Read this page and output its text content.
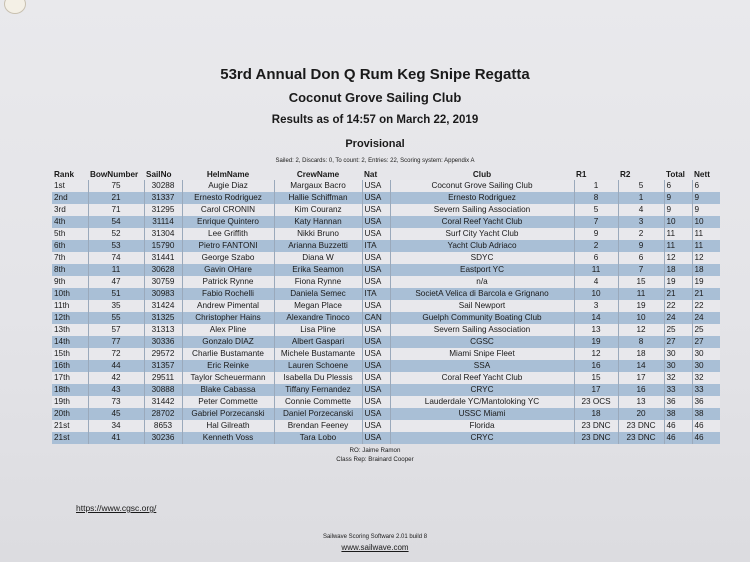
53rd Annual Don Q Rum Keg Snipe Regatta
Coconut Grove Sailing Club
Results as of 14:57 on March 22, 2019
Provisional
Sailed: 2, Discards: 0, To count: 2, Entries: 22, Scoring system: Appendix A
Rank	BowNumber	SailNo	HelmName	CrewName	Nat	Club	R1	R2	Total	Nett
1st	75	30288	Augie Diaz	Margaux Bacro	USA	Coconut Grove Sailing Club	1	5	6	6
2nd	21	31337	Ernesto Rodriguez	Hallie Schiffman	USA	Ernesto Rodriguez	8	1	9	9
3rd	71	31295	Carol CRONIN	Kim Couranz	USA	Severn Sailing Association	5	4	9	9
4th	54	31114	Enrique Quintero	Katy Hannan	USA	Coral Reef Yacht Club	7	3	10	10
5th	52	31304	Lee Griffith	Nikki Bruno	USA	Surf City Yacht Club	9	2	11	11
6th	53	15790	Pietro FANTONI	Arianna Buzzetti	ITA	Yacht Club Adriaco	2	9	11	11
7th	74	31441	George Szabo	Diana W	USA	SDYC	6	6	12	12
8th	11	30628	Gavin OHare	Erika Seamon	USA	Eastport YC	11	7	18	18
9th	47	30759	Patrick Rynne	Fiona Rynne	USA	n/a	4	15	19	19
10th	51	30983	Fabio Rochelli	Daniela Semec	ITA	SocietA Velica di Barcola e Grignano	10	11	21	21
11th	35	31424	Andrew Pimental	Megan Place	USA	Sail Newport	3	19	22	22
12th	55	31325	Christopher Hains	Alexandre Tinoco	CAN	Guelph Community Boating Club	14	10	24	24
13th	57	31313	Alex Pline	Lisa Pline	USA	Severn Sailing Association	13	12	25	25
14th	77	30336	Gonzalo DIAZ	Albert Gaspari	USA	CGSC	19	8	27	27
15th	72	29572	Charlie Bustamante	Michele Bustamante	USA	Miami Snipe Fleet	12	18	30	30
16th	44	31357	Eric Reinke	Lauren Schoene	USA	SSA	16	14	30	30
17th	42	29511	Taylor Scheuermann	Isabella Du Plessis	USA	Coral Reef Yacht Club	15	17	32	32
18th	43	30888	Blake Cabassa	Tiffany Fernandez	USA	CRYC	17	16	33	33
19th	73	31442	Peter Commette	Connie Commette	USA	Lauderdale YC/Mantoloking YC	23 OCS	13	36	36
20th	45	28702	Gabriel Porzecanski	Daniel Porzecanski	USA	USSC Miami	18	20	38	38
21st	34	8653	Hal Gilreath	Brendan Feeney	USA	Florida	23 DNC	23 DNC	46	46
21st	41	30236	Kenneth Voss	Tara Lobo	USA	CRYC	23 DNC	23 DNC	46	46
RO: Jaime Ramon
Class Rep: Brainard Cooper
https://www.cgsc.org/
Sailwave Scoring Software 2.01 build 8
www.sailwave.com
